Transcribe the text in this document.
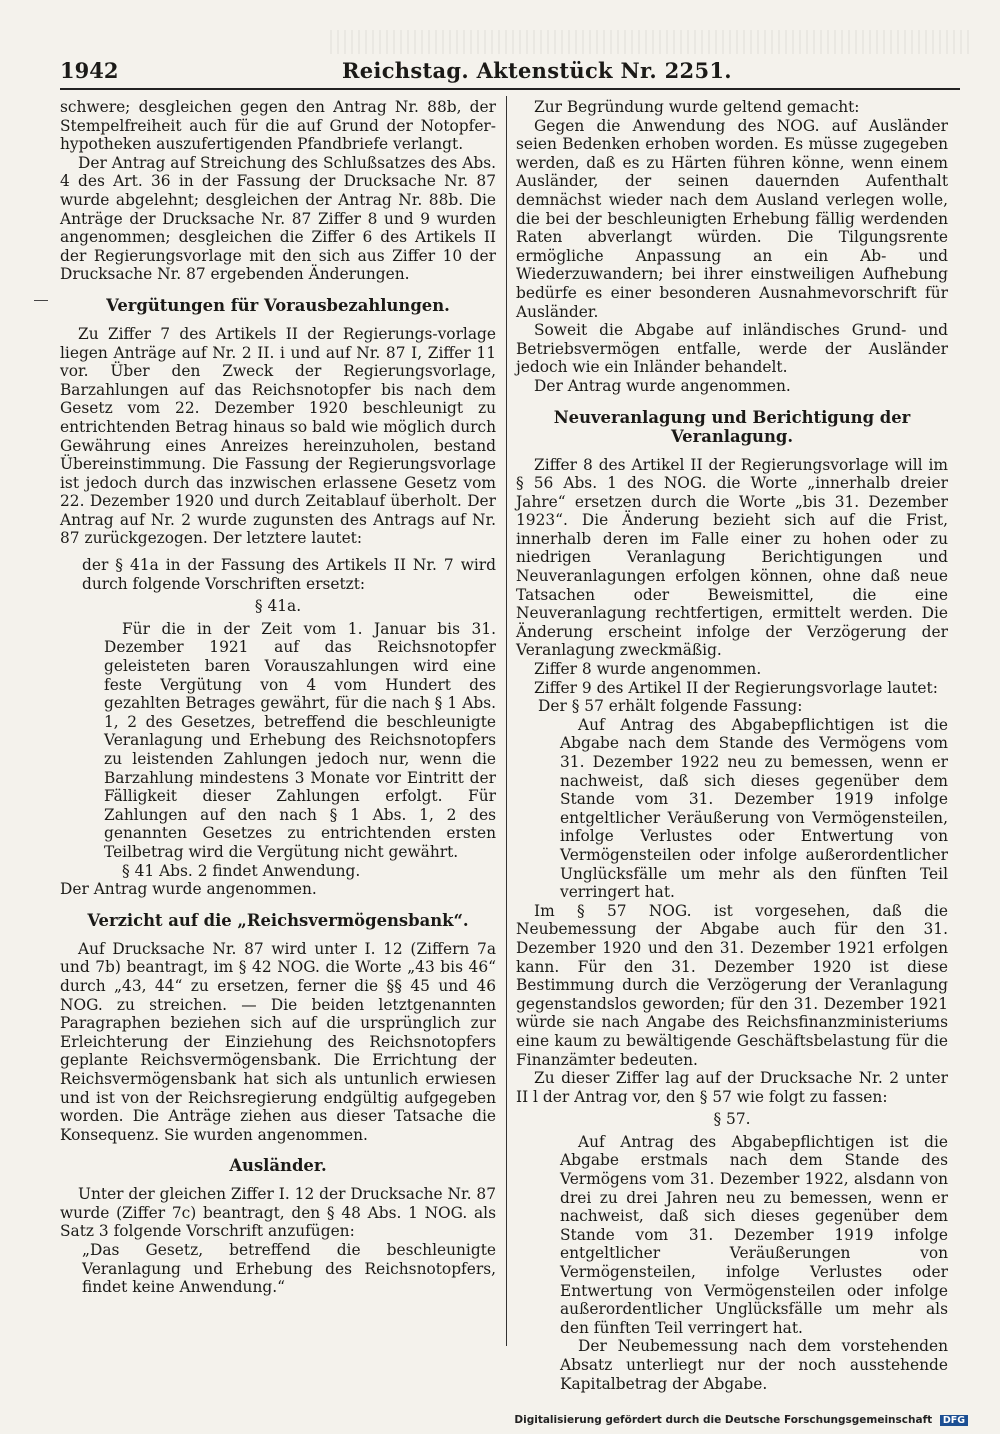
1942	Reichstag. Aktenstück Nr. 2251.

schwere; desgleichen gegen den Antrag Nr. 88b, der Stempelfreiheit auch für die auf Grund der Notopfer-hypotheken auszufertigenden Pfandbriefe verlangt.

Der Antrag auf Streichung des Schlußsatzes des Abs. 4 des Art. 36 in der Fassung der Drucksache Nr. 87 wurde abgelehnt; desgleichen der Antrag Nr. 88b. Die Anträge der Drucksache Nr. 87 Ziffer 8 und 9 wurden angenommen; desgleichen die Ziffer 6 des Artikels II der Regierungsvorlage mit den sich aus Ziffer 10 der Drucksache Nr. 87 ergebenden Änderungen.

Vergütungen für Vorausbezahlungen.

Zu Ziffer 7 des Artikels II der Regierungs-vorlage liegen Anträge auf Nr. 2 II. i und auf Nr. 87 I, Ziffer 11 vor. Über den Zweck der Regierungsvorlage, Barzahlungen auf das Reichsnotopfer bis nach dem Gesetz vom 22. Dezember 1920 beschleunigt zu entrichtenden Betrag hinaus so bald wie möglich durch Gewährung eines Anreizes hereinzuholen, bestand Übereinstimmung. Die Fassung der Regierungsvorlage ist jedoch durch das inzwischen erlassene Gesetz vom 22. Dezember 1920 und durch Zeitablauf überholt. Der Antrag auf Nr. 2 wurde zugunsten des Antrags auf Nr. 87 zurückgezogen. Der letztere lautet:

der § 41a in der Fassung des Artikels II Nr. 7 wird durch folgende Vorschriften ersetzt:

§ 41a.

Für die in der Zeit vom 1. Januar bis 31. Dezember 1921 auf das Reichsnotopfer geleisteten baren Vorauszahlungen wird eine feste Vergütung von 4 vom Hundert des gezahlten Betrages gewährt, für die nach § 1 Abs. 1, 2 des Gesetzes, betreffend die beschleunigte Veranlagung und Erhebung des Reichsnotopfers zu leistenden Zahlungen jedoch nur, wenn die Barzahlung mindestens 3 Monate vor Eintritt der Fälligkeit dieser Zahlungen erfolgt. Für Zahlungen auf den nach § 1 Abs. 1, 2 des genannten Gesetzes zu entrichtenden ersten Teilbetrag wird die Vergütung nicht gewährt.

§ 41 Abs. 2 findet Anwendung.

Der Antrag wurde angenommen.

Verzicht auf die „Reichsvermögensbank“.

Auf Drucksache Nr. 87 wird unter I. 12 (Ziffern 7a und 7b) beantragt, im § 42 NOG. die Worte „43 bis 46“ durch „43, 44“ zu ersetzen, ferner die §§ 45 und 46 NOG. zu streichen. — Die beiden letztgenannten Paragraphen beziehen sich auf die ursprünglich zur Erleichterung der Einziehung des Reichsnotopfers geplante Reichsvermögensbank. Die Errichtung der Reichsvermögensbank hat sich als untunlich erwiesen und ist von der Reichsregierung endgültig aufgegeben worden. Die Anträge ziehen aus dieser Tatsache die Konsequenz. Sie wurden angenommen.

Ausländer.

Unter der gleichen Ziffer I. 12 der Drucksache Nr. 87 wurde (Ziffer 7c) beantragt, den § 48 Abs. 1 NOG. als Satz 3 folgende Vorschrift anzufügen:

„Das Gesetz, betreffend die beschleunigte Veranlagung und Erhebung des Reichsnotopfers, findet keine Anwendung.“

Zur Begründung wurde geltend gemacht:

Gegen die Anwendung des NOG. auf Ausländer seien Bedenken erhoben worden. Es müsse zugegeben werden, daß es zu Härten führen könne, wenn einem Ausländer, der seinen dauernden Aufenthalt demnächst wieder nach dem Ausland verlegen wolle, die bei der beschleunigten Erhebung fällig werdenden Raten abverlangt würden. Die Tilgungsrente ermögliche Anpassung an ein Ab- und Wiederzuwandern; bei ihrer einstweiligen Aufhebung bedürfe es einer besonderen Ausnahmevorschrift für Ausländer.

Soweit die Abgabe auf inländisches Grund- und Betriebsvermögen entfalle, werde der Ausländer jedoch wie ein Inländer behandelt.

Der Antrag wurde angenommen.

Neuveranlagung und Berichtigung der Veranlagung.

Ziffer 8 des Artikel II der Regierungsvorlage will im § 56 Abs. 1 des NOG. die Worte „innerhalb dreier Jahre“ ersetzen durch die Worte „bis 31. Dezember 1923“. Die Änderung bezieht sich auf die Frist, innerhalb deren im Falle einer zu hohen oder zu niedrigen Veranlagung Berichtigungen und Neuveranlagungen erfolgen können, ohne daß neue Tatsachen oder Beweismittel, die eine Neuveranlagung rechtfertigen, ermittelt werden. Die Änderung erscheint infolge der Verzögerung der Veranlagung zweckmäßig.

Ziffer 8 wurde angenommen.

Ziffer 9 des Artikel II der Regierungsvorlage lautet:

Der § 57 erhält folgende Fassung:

Auf Antrag des Abgabepflichtigen ist die Abgabe nach dem Stande des Vermögens vom 31. Dezember 1922 neu zu bemessen, wenn er nachweist, daß sich dieses gegenüber dem Stande vom 31. Dezember 1919 infolge entgeltlicher Veräußerung von Vermögensteilen, infolge Verlustes oder Entwertung von Vermögensteilen oder infolge außerordentlicher Unglücksfälle um mehr als den fünften Teil verringert hat.

Im § 57 NOG. ist vorgesehen, daß die Neubemessung der Abgabe auch für den 31. Dezember 1920 und den 31. Dezember 1921 erfolgen kann. Für den 31. Dezember 1920 ist diese Bestimmung durch die Verzögerung der Veranlagung gegenstandslos geworden; für den 31. Dezember 1921 würde sie nach Angabe des Reichsfinanzministeriums eine kaum zu bewältigende Geschäftsbelastung für die Finanzämter bedeuten.

Zu dieser Ziffer lag auf der Drucksache Nr. 2 unter II l der Antrag vor, den § 57 wie folgt zu fassen:

§ 57.

Auf Antrag des Abgabepflichtigen ist die Abgabe erstmals nach dem Stande des Vermögens vom 31. Dezember 1922, alsdann von drei zu drei Jahren neu zu bemessen, wenn er nachweist, daß sich dieses gegenüber dem Stande vom 31. Dezember 1919 infolge entgeltlicher Veräußerungen von Vermögensteilen, infolge Verlustes oder Entwertung von Vermögensteilen oder infolge außerordentlicher Unglücksfälle um mehr als den fünften Teil verringert hat.

Der Neubemessung nach dem vorstehenden Absatz unterliegt nur der noch ausstehende Kapitalbetrag der Abgabe.

Digitalisierung gefördert durch die Deutsche Forschungsgemeinschaft DFG
